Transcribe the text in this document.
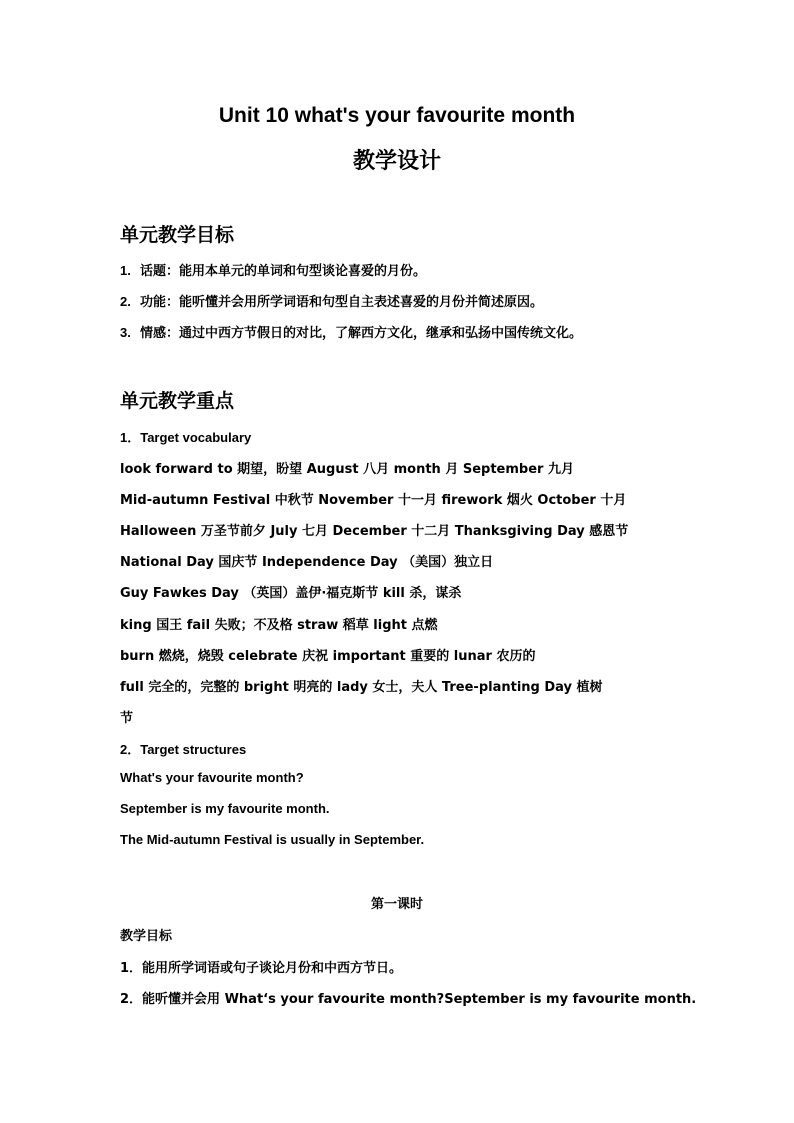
Unit 10 what's your favourite month
教学设计
单元教学目标
1. 话题：能用本单元的单词和句型谈论喜爱的月份。
2. 功能：能听懂并会用所学词语和句型自主表述喜爱的月份并简述原因。
3. 情感：通过中西方节假日的对比，了解西方文化，继承和弘扬中国传统文化。
单元教学重点
1．Target vocabulary
look forward to 期望，盼望 August 八月 month 月 September 九月
Mid-autumn Festival 中秋节 November 十一月 firework 烟火 October 十月
Halloween 万圣节前夕 July 七月 December 十二月 Thanksgiving Day 感恩节
National Day 国庆节 Independence Day （美国）独立日
Guy Fawkes Day （英国）盖伊·福克斯节 kill 杀，谋杀
king 国王 fail 失败；不及格 straw 稻草 light 点燃
burn 燃烧，烧毁 celebrate 庆祝 important 重要的 lunar 农历的
full 完全的，完整的 bright 明亮的 lady 女士，夫人 Tree-planting Day 植树
节
2．Target structures
What's your favourite month?
September is my favourite month.
The Mid-autumn Festival is usually in September.
第一课时
教学目标
1．能用所学词语或句子谈论月份和中西方节日。
2．能听懂并会用 What‘s your favourite month?September is my favourite month.
